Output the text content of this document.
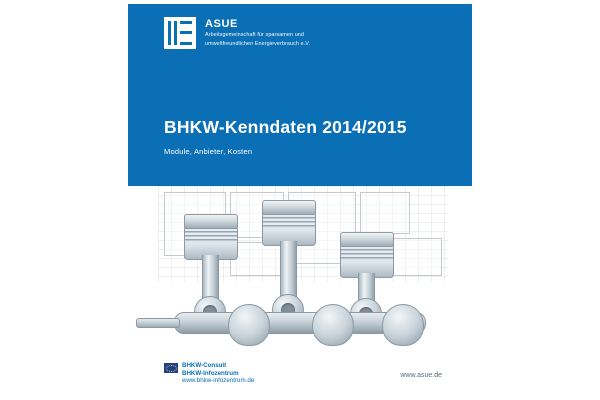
ASUE
Arbeitsgemeinschaft für sparsamen und
umweltfreundlichen Energieverbrauch e.V.
BHKW-Kenndaten 2014/2015
Module, Anbieter, Kosten
BHKW-Consult
BHKW-Infozentrum
www.bhkw-infozentrum.de
www.asue.de
